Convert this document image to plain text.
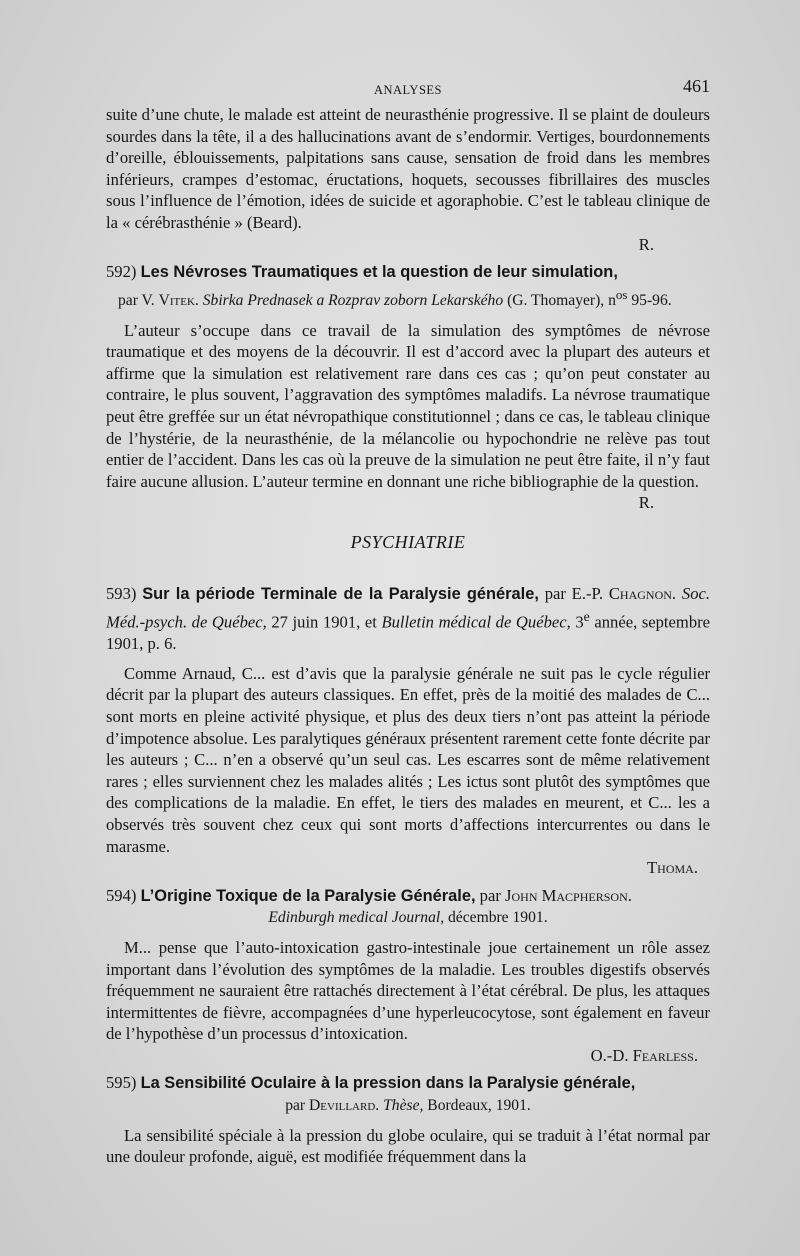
ANALYSES	461

suite d’une chute, le malade est atteint de neurasthénie progressive. Il se plaint de douleurs sourdes dans la tête, il a des hallucinations avant de s’endormir. Vertiges, bourdonnements d’oreille, éblouissements, palpitations sans cause, sensation de froid dans les membres inférieurs, crampes d’estomac, éructations, hoquets, secousses fibrillaires des muscles sous l’influence de l’émotion, idées de suicide et agoraphobie. C’est le tableau clinique de la « cérébrasthénie » (Beard).

R.

592) Les Névroses Traumatiques et la question de leur simulation,

par V. Vitek. Sbirka Prednasek a Rozprav zoborn Lekarského (G. Thomayer), $n^{os}$ 95-96.

L’auteur s’occupe dans ce travail de la simulation des symptômes de névrose traumatique et des moyens de la découvrir. Il est d’accord avec la plupart des auteurs et affirme que la simulation est relativement rare dans ces cas ; qu’on peut constater au contraire, le plus souvent, l’aggravation des symptômes maladifs. La névrose traumatique peut être greffée sur un état névropathique constitutionnel ; dans ce cas, le tableau clinique de l’hystérie, de la neurasthénie, de la mélancolie ou hypochondrie ne relève pas tout entier de l’accident. Dans les cas où la preuve de la simulation ne peut être faite, il n’y faut faire aucune allusion. L’auteur termine en donnant une riche bibliographie de la question.

R.

PSYCHIATRIE

593) Sur la période Terminale de la Paralysie générale, par E.-P. Chagnon. Soc. Méd.-psych. de Québec, 27 juin 1901, et Bulletin médical de Québec, 3e année, septembre 1901, p. 6.

Comme Arnaud, C... est d’avis que la paralysie générale ne suit pas le cycle régulier décrit par la plupart des auteurs classiques. En effet, près de la moitié des malades de C... sont morts en pleine activité physique, et plus des deux tiers n’ont pas atteint la période d’impotence absolue. Les paralytiques généraux présentent rarement cette fonte décrite par les auteurs ; C... n’en a observé qu’un seul cas. Les escarres sont de même relativement rares ; elles surviennent chez les malades alités ; Les ictus sont plutôt des symptômes que des complications de la maladie. En effet, le tiers des malades en meurent, et C... les a observés très souvent chez ceux qui sont morts d’affections intercurrentes ou dans le marasme.

Thoma.

594) L’Origine Toxique de la Paralysie Générale, par John Macpherson.

Edinburgh medical Journal, décembre 1901.

M... pense que l’auto-intoxication gastro-intestinale joue certainement un rôle assez important dans l’évolution des symptômes de la maladie. Les troubles digestifs observés fréquemment ne sauraient être rattachés directement à l’état cérébral. De plus, les attaques intermittentes de fièvre, accompagnées d’une hyperleucocytose, sont également en faveur de l’hypothèse d’un processus d’intoxication.

O.-D. Fearless.

595) La Sensibilité Oculaire à la pression dans la Paralysie générale,

par Devillard. Thèse, Bordeaux, 1901.

La sensibilité spéciale à la pression du globe oculaire, qui se traduit à l’état normal par une douleur profonde, aiguë, est modifiée fréquemment dans la
